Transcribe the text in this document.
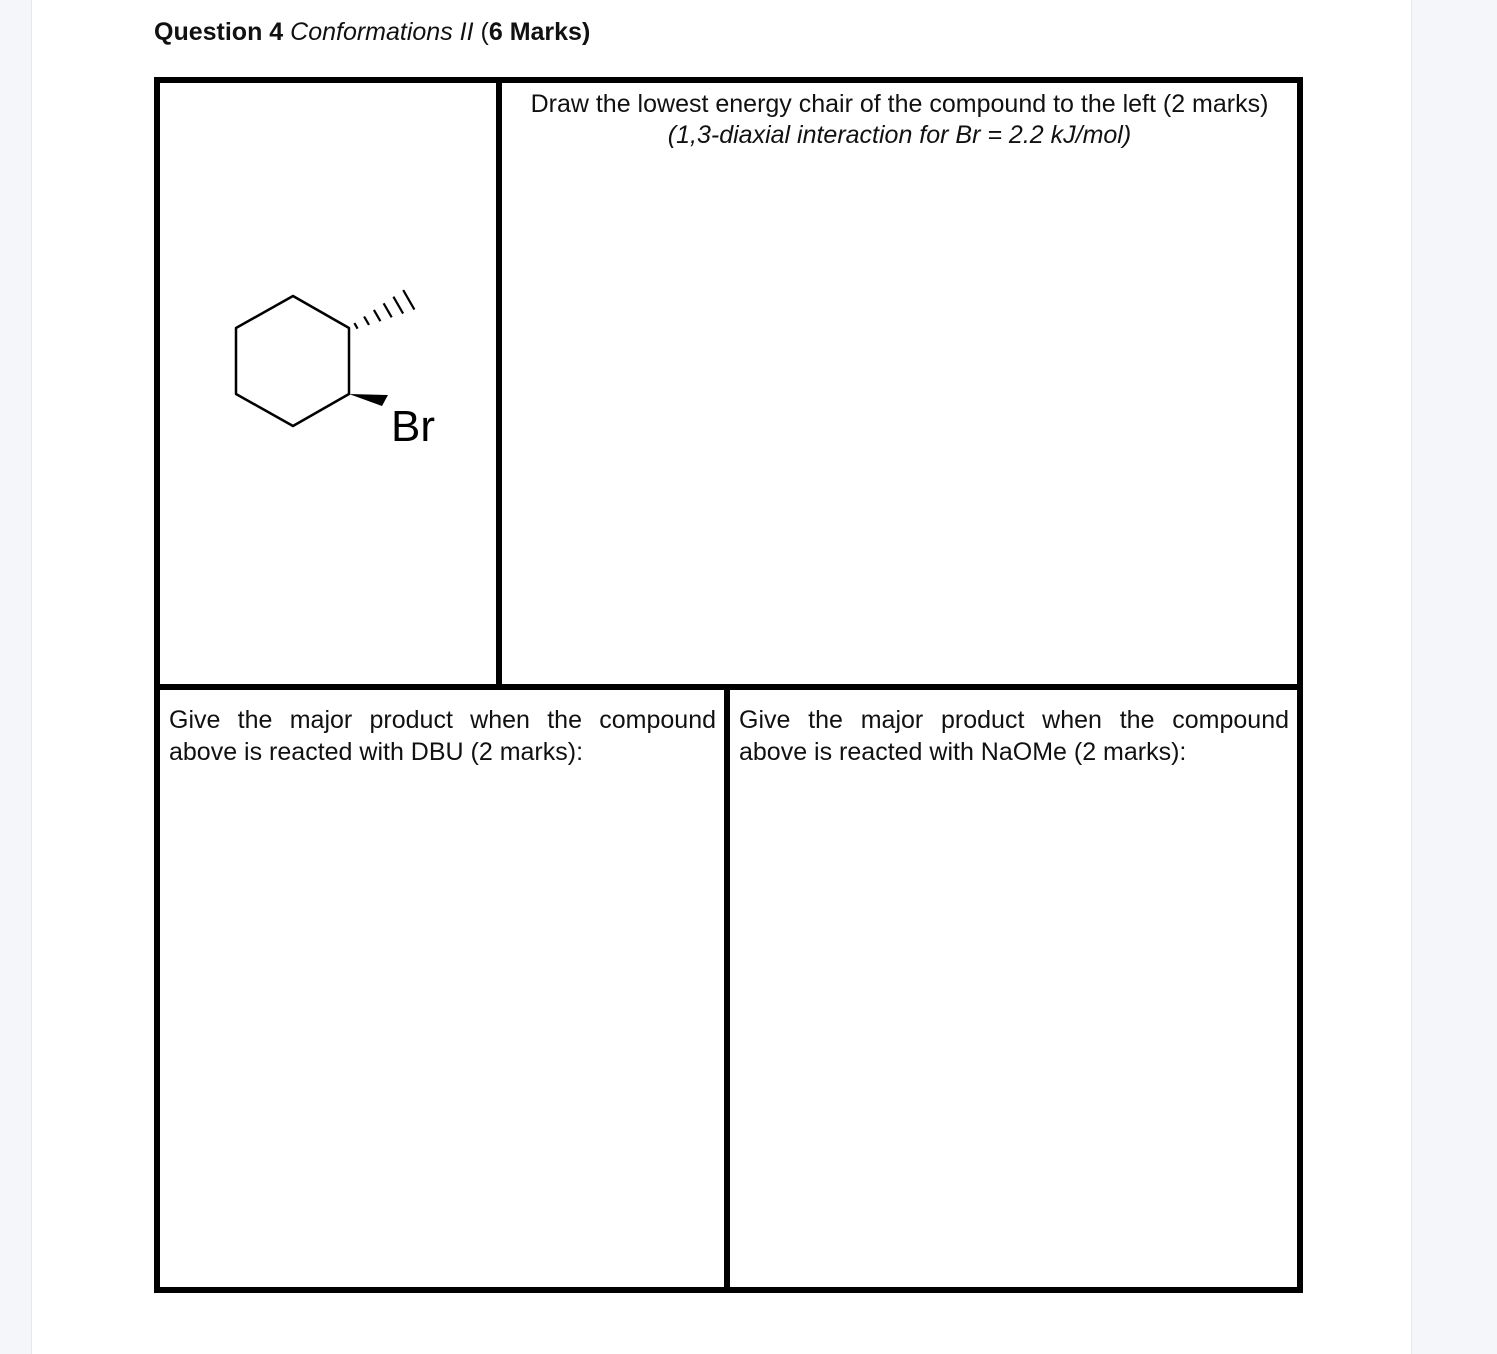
Question 4 Conformations II (6 Marks)
Br
Draw the lowest energy chair of the compound to the left (2 marks)
(1,3-diaxial interaction for Br = 2.2 kJ/mol)
Give the major product when the compound above is reacted with DBU (2 marks):
Give the major product when the compound above is reacted with NaOMe (2 marks):
